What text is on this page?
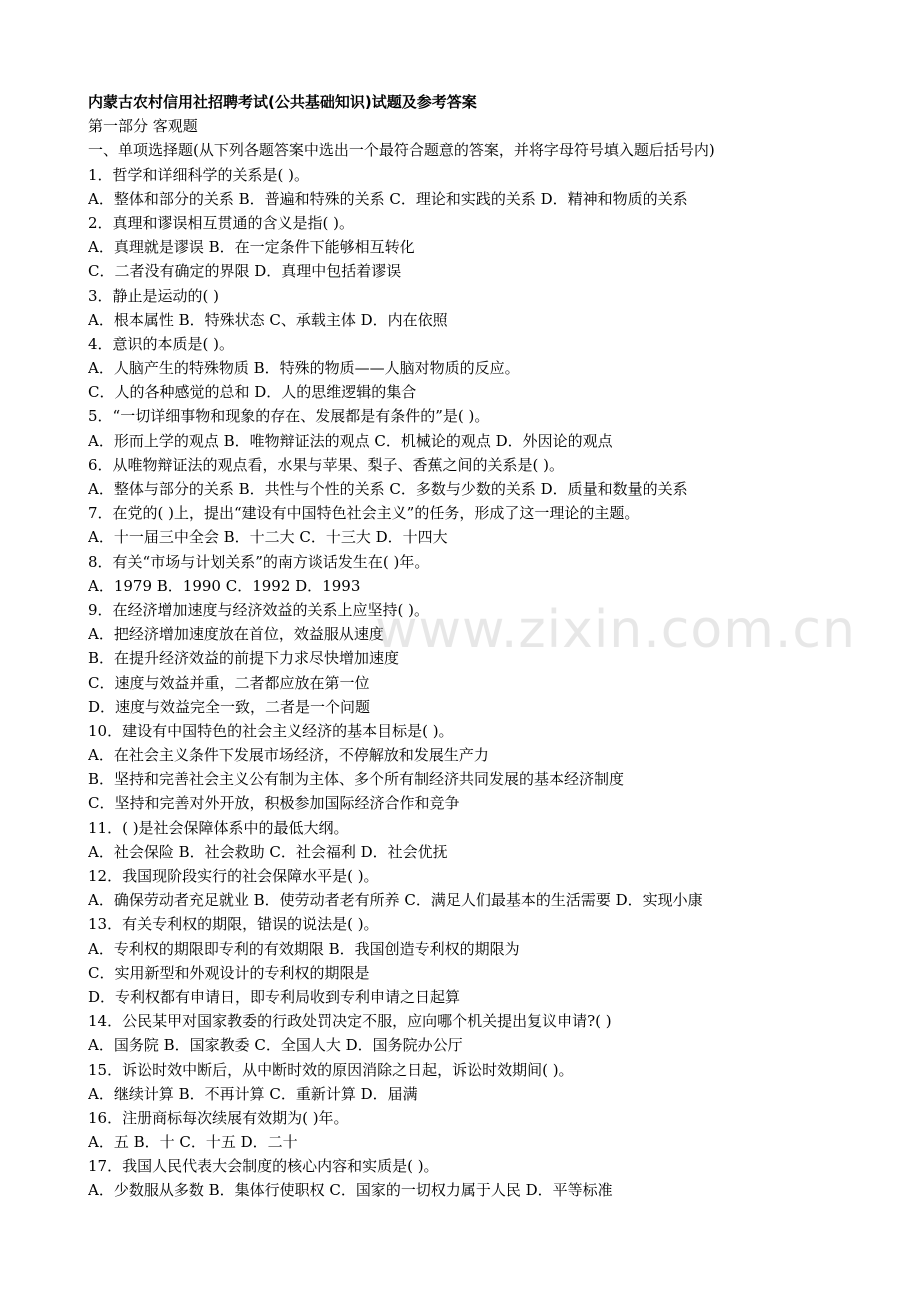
内蒙古农村信用社招聘考试(公共基础知识)试题及参考答案
第一部分 客观题
一、单项选择题(从下列各题答案中选出一个最符合题意的答案，并将字母符号填入题后括号内)
1．哲学和详细科学的关系是( )。
A．整体和部分的关系 B．普遍和特殊的关系 C．理论和实践的关系 D．精神和物质的关系
2．真理和谬误相互贯通的含义是指( )。
A．真理就是谬误 B．在一定条件下能够相互转化
C．二者没有确定的界限 D．真理中包括着谬误
3．静止是运动的( )
A．根本属性 B．特殊状态 C、承载主体 D．内在依照
4．意识的本质是( )。
A．人脑产生的特殊物质 B．特殊的物质——人脑对物质的反应。
C．人的各种感觉的总和 D．人的思维逻辑的集合
5．“一切详细事物和现象的存在、发展都是有条件的”是( )。
A．形而上学的观点 B．唯物辩证法的观点 C．机械论的观点 D．外因论的观点
6．从唯物辩证法的观点看，水果与苹果、梨子、香蕉之间的关系是( )。
A．整体与部分的关系 B．共性与个性的关系 C．多数与少数的关系 D．质量和数量的关系
7．在党的( )上，提出“建设有中国特色社会主义”的任务，形成了这一理论的主题。
A．十一届三中全会 B．十二大 C．十三大 D．十四大
8．有关“市场与计划关系”的南方谈话发生在( )年。
A．1979 B．1990 C．1992 D．1993
9．在经济增加速度与经济效益的关系上应坚持( )。
A．把经济增加速度放在首位，效益服从速度
B．在提升经济效益的前提下力求尽快增加速度
C．速度与效益并重，二者都应放在第一位
D．速度与效益完全一致，二者是一个问题
10．建设有中国特色的社会主义经济的基本目标是( )。
A．在社会主义条件下发展市场经济，不停解放和发展生产力
B．坚持和完善社会主义公有制为主体、多个所有制经济共同发展的基本经济制度
C．坚持和完善对外开放，积极参加国际经济合作和竞争
11．( )是社会保障体系中的最低大纲。
A．社会保险 B．社会救助 C．社会福利 D．社会优抚
12．我国现阶段实行的社会保障水平是( )。
A．确保劳动者充足就业 B．使劳动者老有所养 C．满足人们最基本的生活需要 D．实现小康
13．有关专利权的期限，错误的说法是( )。
A．专利权的期限即专利的有效期限 B．我国创造专利权的期限为
C．实用新型和外观设计的专利权的期限是
D．专利权都有申请日，即专利局收到专利申请之日起算
14．公民某甲对国家教委的行政处罚决定不服，应向哪个机关提出复议申请?( )
A．国务院 B．国家教委 C．全国人大 D．国务院办公厅
15．诉讼时效中断后，从中断时效的原因消除之日起，诉讼时效期间( )。
A．继续计算 B．不再计算 C．重新计算 D．届满
16．注册商标每次续展有效期为( )年。
A．五 B．十 C．十五 D．二十
17．我国人民代表大会制度的核心内容和实质是( )。
A．少数服从多数 B．集体行使职权 C．国家的一切权力属于人民 D．平等标准
www.zixin.com.cn
